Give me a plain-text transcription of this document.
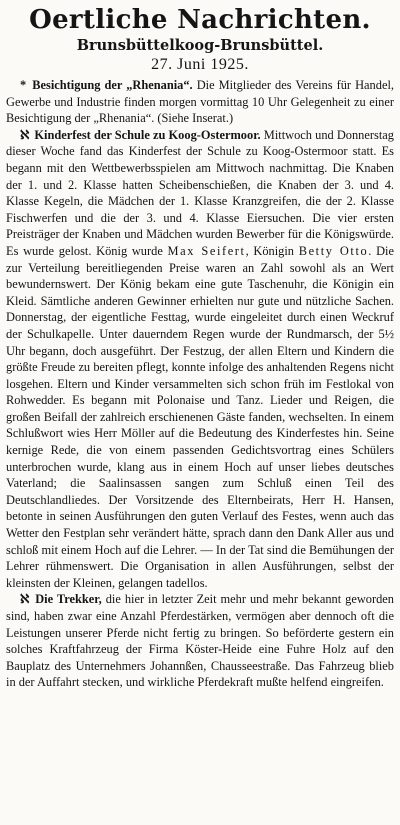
Oertliche Nachrichten.
Brunsbüttelkoog-Brunsbüttel.
27. Juni 1925.

* Besichtigung der „Rhenania“. Die Mitglieder des Vereins für Handel, Gewerbe und Industrie finden morgen vormittag 10 Uhr Gelegenheit zu einer Besichtigung der „Rhenania“. (Siehe Inserat.)

ℵ Kinderfest der Schule zu Koog-Ostermoor. Mittwoch und Donnerstag dieser Woche fand das Kinderfest der Schule zu Koog-Ostermoor statt. Es begann mit den Wettbewerbsspielen am Mittwoch nachmittag. Die Knaben der 1. und 2. Klasse hatten Scheibenschießen, die Knaben der 3. und 4. Klasse Kegeln, die Mädchen der 1. Klasse Kranzgreifen, die der 2. Klasse Fischwerfen und die der 3. und 4. Klasse Eiersuchen. Die vier ersten Preisträger der Knaben und Mädchen wurden Bewerber für die Königswürde. Es wurde gelost. König wurde Max Seifert, Königin Betty Otto. Die zur Verteilung bereitliegenden Preise waren an Zahl sowohl als an Wert bewundernswert. Der König bekam eine gute Taschenuhr, die Königin ein Kleid. Sämtliche anderen Gewinner erhielten nur gute und nützliche Sachen. Donnerstag, der eigentliche Festtag, wurde eingeleitet durch einen Weckruf der Schulkapelle. Unter dauerndem Regen wurde der Rundmarsch, der 5½ Uhr begann, doch ausgeführt. Der Festzug, der allen Eltern und Kindern die größte Freude zu bereiten pflegt, konnte infolge des anhaltenden Regens nicht losgehen. Eltern und Kinder versammelten sich schon früh im Festlokal von Rohwedder. Es begann mit Polonaise und Tanz. Lieder und Reigen, die großen Beifall der zahlreich erschienenen Gäste fanden, wechselten. In einem Schlußwort wies Herr Möller auf die Bedeutung des Kinderfestes hin. Seine kernige Rede, die von einem passenden Gedichtsvortrag eines Schülers unterbrochen wurde, klang aus in einem Hoch auf unser liebes deutsches Vaterland; die Saalinsassen sangen zum Schluß einen Teil des Deutschlandliedes. Der Vorsitzende des Elternbeirats, Herr H. Hansen, betonte in seinen Ausführungen den guten Verlauf des Festes, wenn auch das Wetter den Festplan sehr verändert hätte, sprach dann den Dank Aller aus und schloß mit einem Hoch auf die Lehrer. — In der Tat sind die Bemühungen der Lehrer rühmenswert. Die Organisation in allen Ausführungen, selbst der kleinsten der Kleinen, gelangen tadellos.

ℵ Die Trekker, die hier in letzter Zeit mehr und mehr bekannt geworden sind, haben zwar eine Anzahl Pferdestärken, vermögen aber dennoch oft die Leistungen unserer Pferde nicht fertig zu bringen. So beförderte gestern ein solches Kraftfahrzeug der Firma Köster-Heide eine Fuhre Holz auf den Bauplatz des Unternehmers Johannßen, Chausseestraße. Das Fahrzeug blieb in der Auffahrt stecken, und wirkliche Pferdekraft mußte helfend eingreifen.
